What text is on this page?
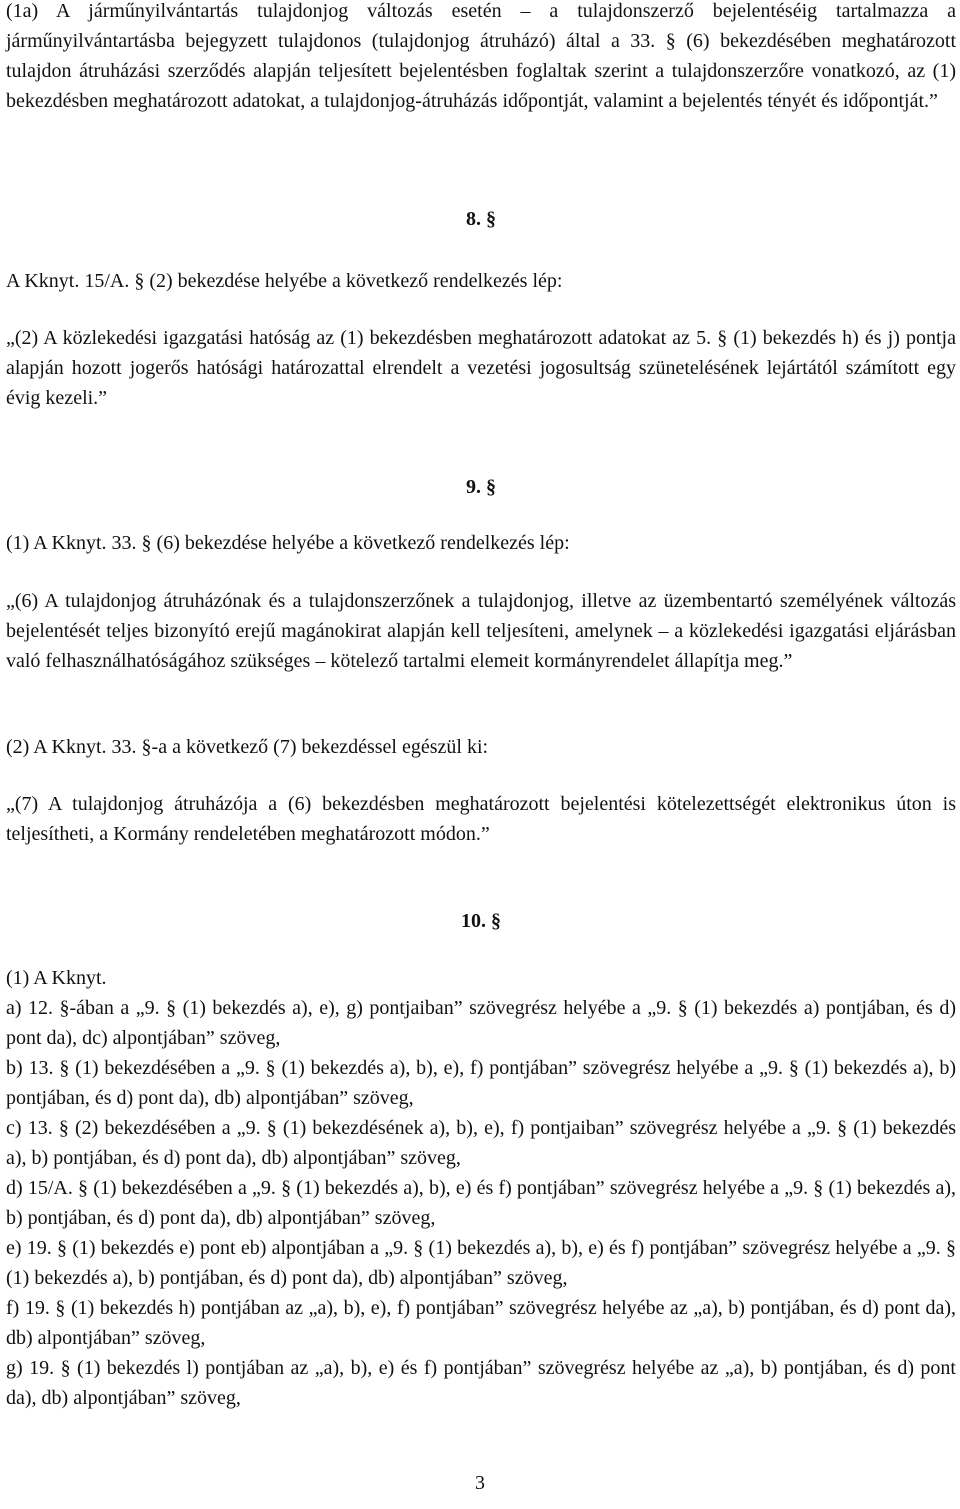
(1a) A járműnyilvántartás tulajdonjog változás esetén – a tulajdonszerző bejelentéséig tartalmazza a járműnyilvántartásba bejegyzett tulajdonos (tulajdonjog átruházó) által a 33. § (6) bekezdésében meghatározott tulajdon átruházási szerződés alapján teljesített bejelentésben foglaltak szerint a tulajdonszerzőre vonatkozó, az (1) bekezdésben meghatározott adatokat, a tulajdonjog-átruházás időpontját, valamint a bejelentés tényét és időpontját.”

8. §

A Kknyt. 15/A. § (2) bekezdése helyébe a következő rendelkezés lép:

„(2) A közlekedési igazgatási hatóság az (1) bekezdésben meghatározott adatokat az 5. § (1) bekezdés h) és j) pontja alapján hozott jogerős hatósági határozattal elrendelt a vezetési jogosultság szünetelésének lejártától számított egy évig kezeli.”

9. §

(1) A Kknyt. 33. § (6) bekezdése helyébe a következő rendelkezés lép:

„(6) A tulajdonjog átruházónak és a tulajdonszerzőnek a tulajdonjog, illetve az üzembentartó személyének változás bejelentését teljes bizonyító erejű magánokirat alapján kell teljesíteni, amelynek – a közlekedési igazgatási eljárásban való felhasználhatóságához szükséges – kötelező tartalmi elemeit kormányrendelet állapítja meg.”

(2) A Kknyt. 33. §-a a következő (7) bekezdéssel egészül ki:

„(7) A tulajdonjog átruházója a (6) bekezdésben meghatározott bejelentési kötelezettségét elektronikus úton is teljesítheti, a Kormány rendeletében meghatározott módon.”

10. §

(1) A Kknyt.

a) 12. §-ában a „9. § (1) bekezdés a), e), g) pontjaiban” szövegrész helyébe a „9. § (1) bekezdés a) pontjában, és d) pont da), dc) alpontjában” szöveg,

b) 13. § (1) bekezdésében a „9. § (1) bekezdés a), b), e), f) pontjában” szövegrész helyébe a „9. § (1) bekezdés a), b) pontjában, és d) pont da), db) alpontjában” szöveg,

c) 13. § (2) bekezdésében a „9. § (1) bekezdésének a), b), e), f) pontjaiban” szövegrész helyébe a „9. § (1) bekezdés a), b) pontjában, és d) pont da), db) alpontjában” szöveg,

d) 15/A. § (1) bekezdésében a „9. § (1) bekezdés a), b), e) és f) pontjában” szövegrész helyébe a „9. § (1) bekezdés a), b) pontjában, és d) pont da), db) alpontjában” szöveg,

e) 19. § (1) bekezdés e) pont eb) alpontjában a „9. § (1) bekezdés a), b), e) és f) pontjában” szövegrész helyébe a „9. § (1) bekezdés a), b) pontjában, és d) pont da), db) alpontjában” szöveg,

f) 19. § (1) bekezdés h) pontjában az „a), b), e), f) pontjában” szövegrész helyébe az „a), b) pontjában, és d) pont da), db) alpontjában” szöveg,

g) 19. § (1) bekezdés l) pontjában az „a), b), e) és f) pontjában” szövegrész helyébe az „a), b) pontjában, és d) pont da), db) alpontjában” szöveg,

3
